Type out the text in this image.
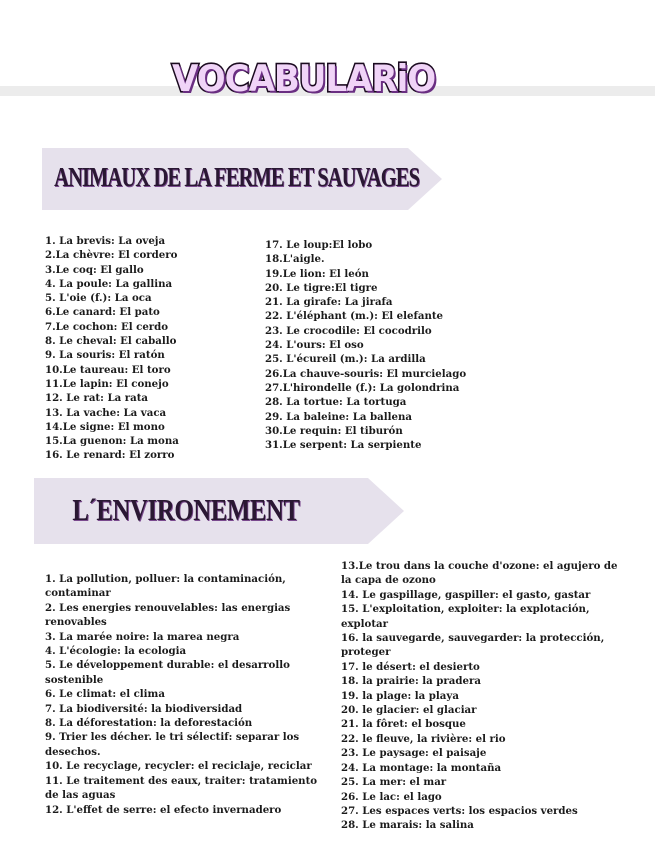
VOCABULARiO
ANIMAUX DE LA FERME ET SAUVAGES
1. La brevis: La oveja
2.La chèvre: El cordero
3.Le coq: El gallo
4. La poule: La gallina
5. L'oie (f.): La oca
6.Le canard: El pato
7.Le cochon: El cerdo
8. Le cheval: El caballo
9. La souris: El ratón
10.Le taureau: El toro
11.Le lapin: El conejo
12. Le rat: La rata
13. La vache: La vaca
14.Le signe: El mono
15.La guenon: La mona
16. Le renard: El zorro
17. Le loup:El lobo
18.L'aigle.
19.Le lion: El león
20. Le tigre:El tigre
21. La girafe: La jirafa
22. L'éléphant (m.): El elefante
23. Le crocodile: El cocodrilo
24. L'ours: El oso
25. L'écureil (m.): La ardilla
26.La chauve-souris: El murcielago
27.L'hirondelle (f.): La golondrina
28. La tortue: La tortuga
29. La baleine: La ballena
30.Le requin: El tiburón
31.Le serpent: La serpiente
L´ENVIRONEMENT
1. La pollution, polluer: la contaminación, contaminar
2. Les energies renouvelables: las energias renovables
3. La marée noire: la marea negra
4. L'écologie: la ecologia
5. Le développement durable: el desarrollo sostenible
6. Le climat: el clima
7. La biodiversité: la biodiversidad
8. La déforestation: la deforestación
9. Trier les décher. le tri sélectif: separar los desechos.
10. Le recyclage, recycler: el reciclaje, reciclar
11. Le traitement des eaux, traiter: tratamiento de las aguas
12. L'effet de serre: el efecto invernadero
13.Le trou dans la couche d'ozone: el agujero de la capa de ozono
14. Le gaspillage, gaspiller: el gasto, gastar
15. L'exploitation, exploiter: la explotación, explotar
16. la sauvegarde, sauvegarder: la protección, proteger
17. le désert: el desierto
18. la prairie: la pradera
19. la plage: la playa
20. le glacier: el glaciar
21. la fôret: el bosque
22. le fleuve, la rivière: el rio
23. Le paysage: el paisaje
24. La montage: la montaña
25. La mer: el mar
26. Le lac: el lago
27. Les espaces verts: los espacios verdes
28. Le marais: la salina
